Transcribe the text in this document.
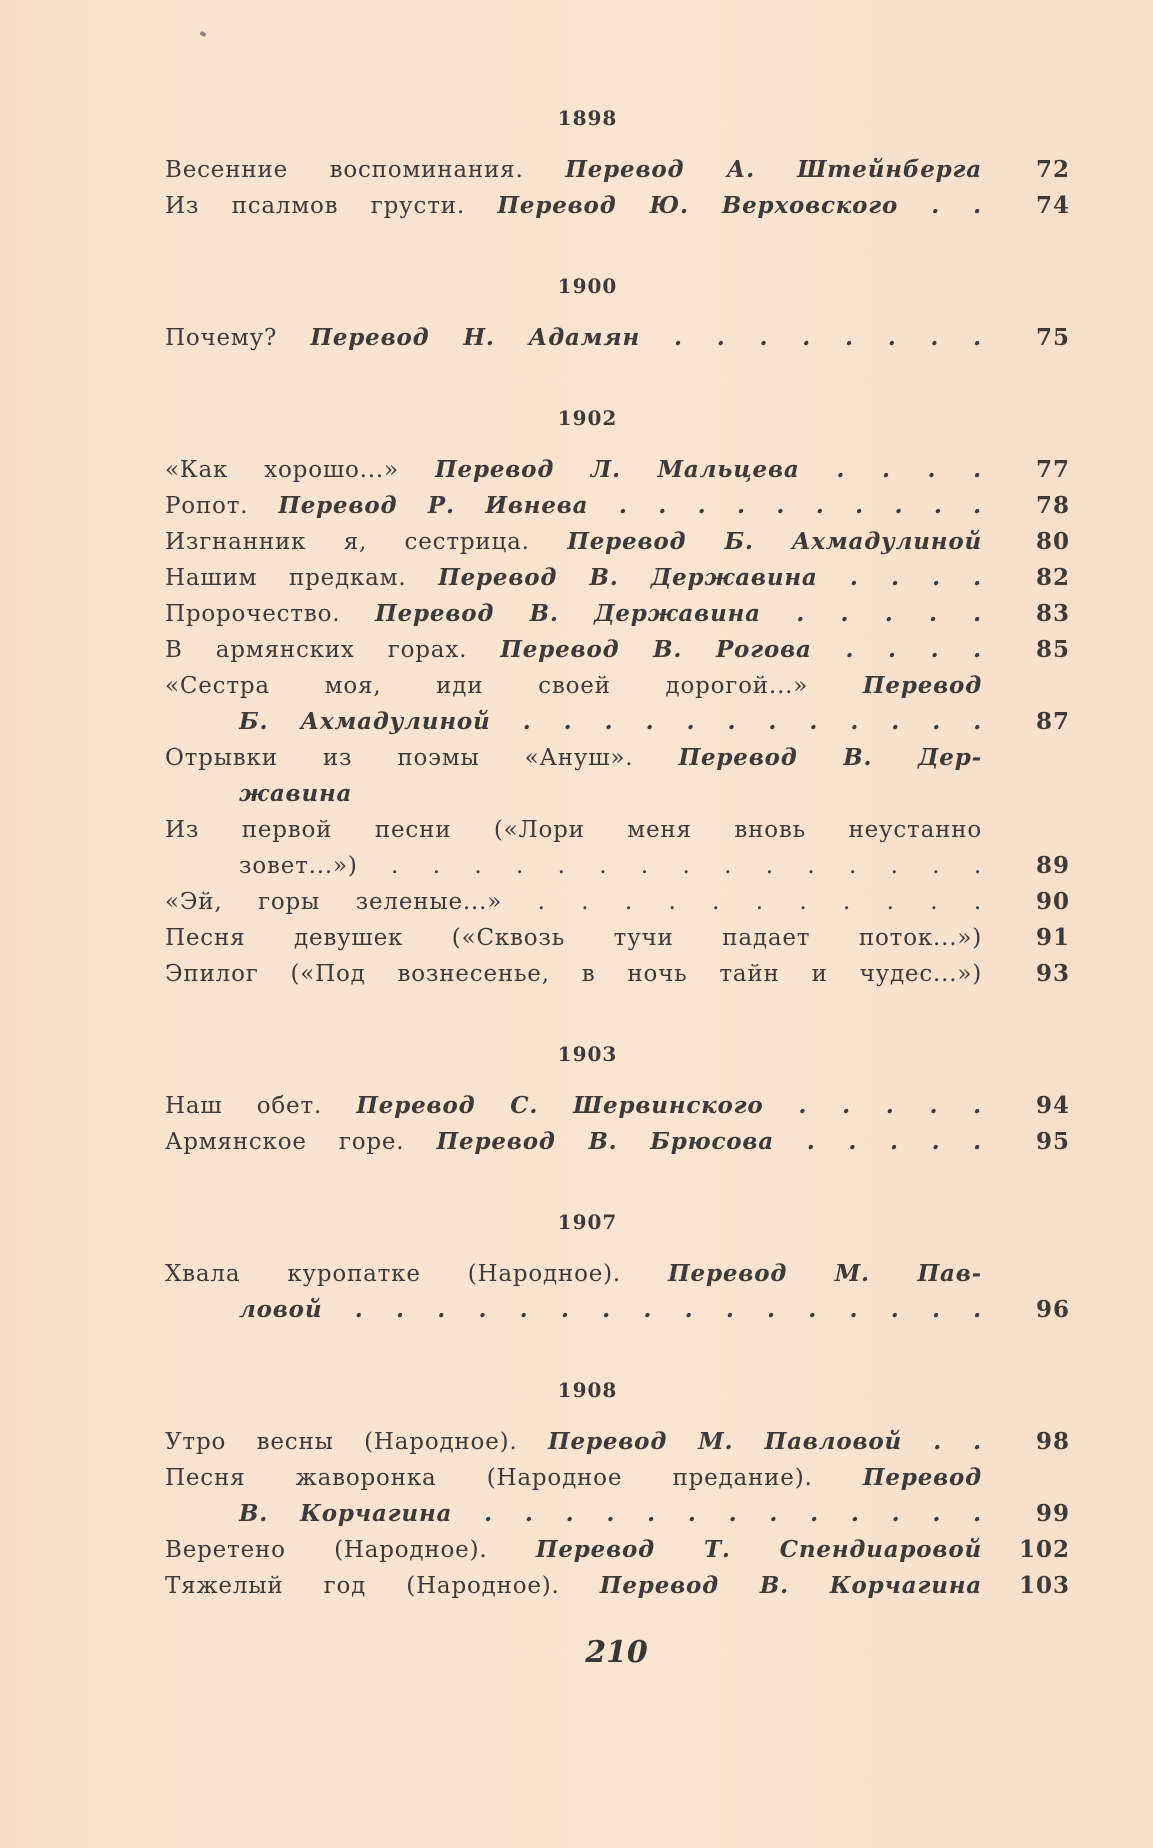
1898
Весенние воспоминания. Перевод А. Штейнберга	72
Из псалмов грусти. Перевод Ю. Верховского . .	74
1900
Почему? Перевод Н. Адамян . . . . . . . .	75
1902
«Как хорошо...» Перевод Л. Мальцева . . . .	77
Ропот. Перевод Р. Ивнева . . . . . . . . . .	78
Изгнанник я, сестрица. Перевод Б. Ахмадулиной	80
Нашим предкам. Перевод В. Державина . . . .	82
Пророчество. Перевод В. Державина . . . . .	83
В армянских горах. Перевод В. Рогова . . . .	85
«Сестра моя, иди своей дорогой...» Перевод
Б. Ахмадулиной . . . . . . . . . . . .	87
Отрывки из поэмы «Ануш». Перевод В. Дер-
жавина
Из первой песни («Лори меня вновь неустанно
зовет...») . . . . . . . . . . . . . . .	89
«Эй, горы зеленые...» . . . . . . . . . . .	90
Песня девушек («Сквозь тучи падает поток...»)	91
Эпилог («Под вознесенье, в ночь тайн и чудес...»)	93
1903
Наш обет. Перевод С. Шервинского . . . . .	94
Армянское горе. Перевод В. Брюсова . . . . .	95
1907
Хвала куропатке (Народное). Перевод М. Пав-
ловой . . . . . . . . . . . . . . . .	96
1908
Утро весны (Народное). Перевод М. Павловой . .	98
Песня жаворонка (Народное предание). Перевод
В. Корчагина . . . . . . . . . . . . .	99
Веретено (Народное). Перевод Т. Спендиаровой	102
Тяжелый год (Народное). Перевод В. Корчагина	103
210
